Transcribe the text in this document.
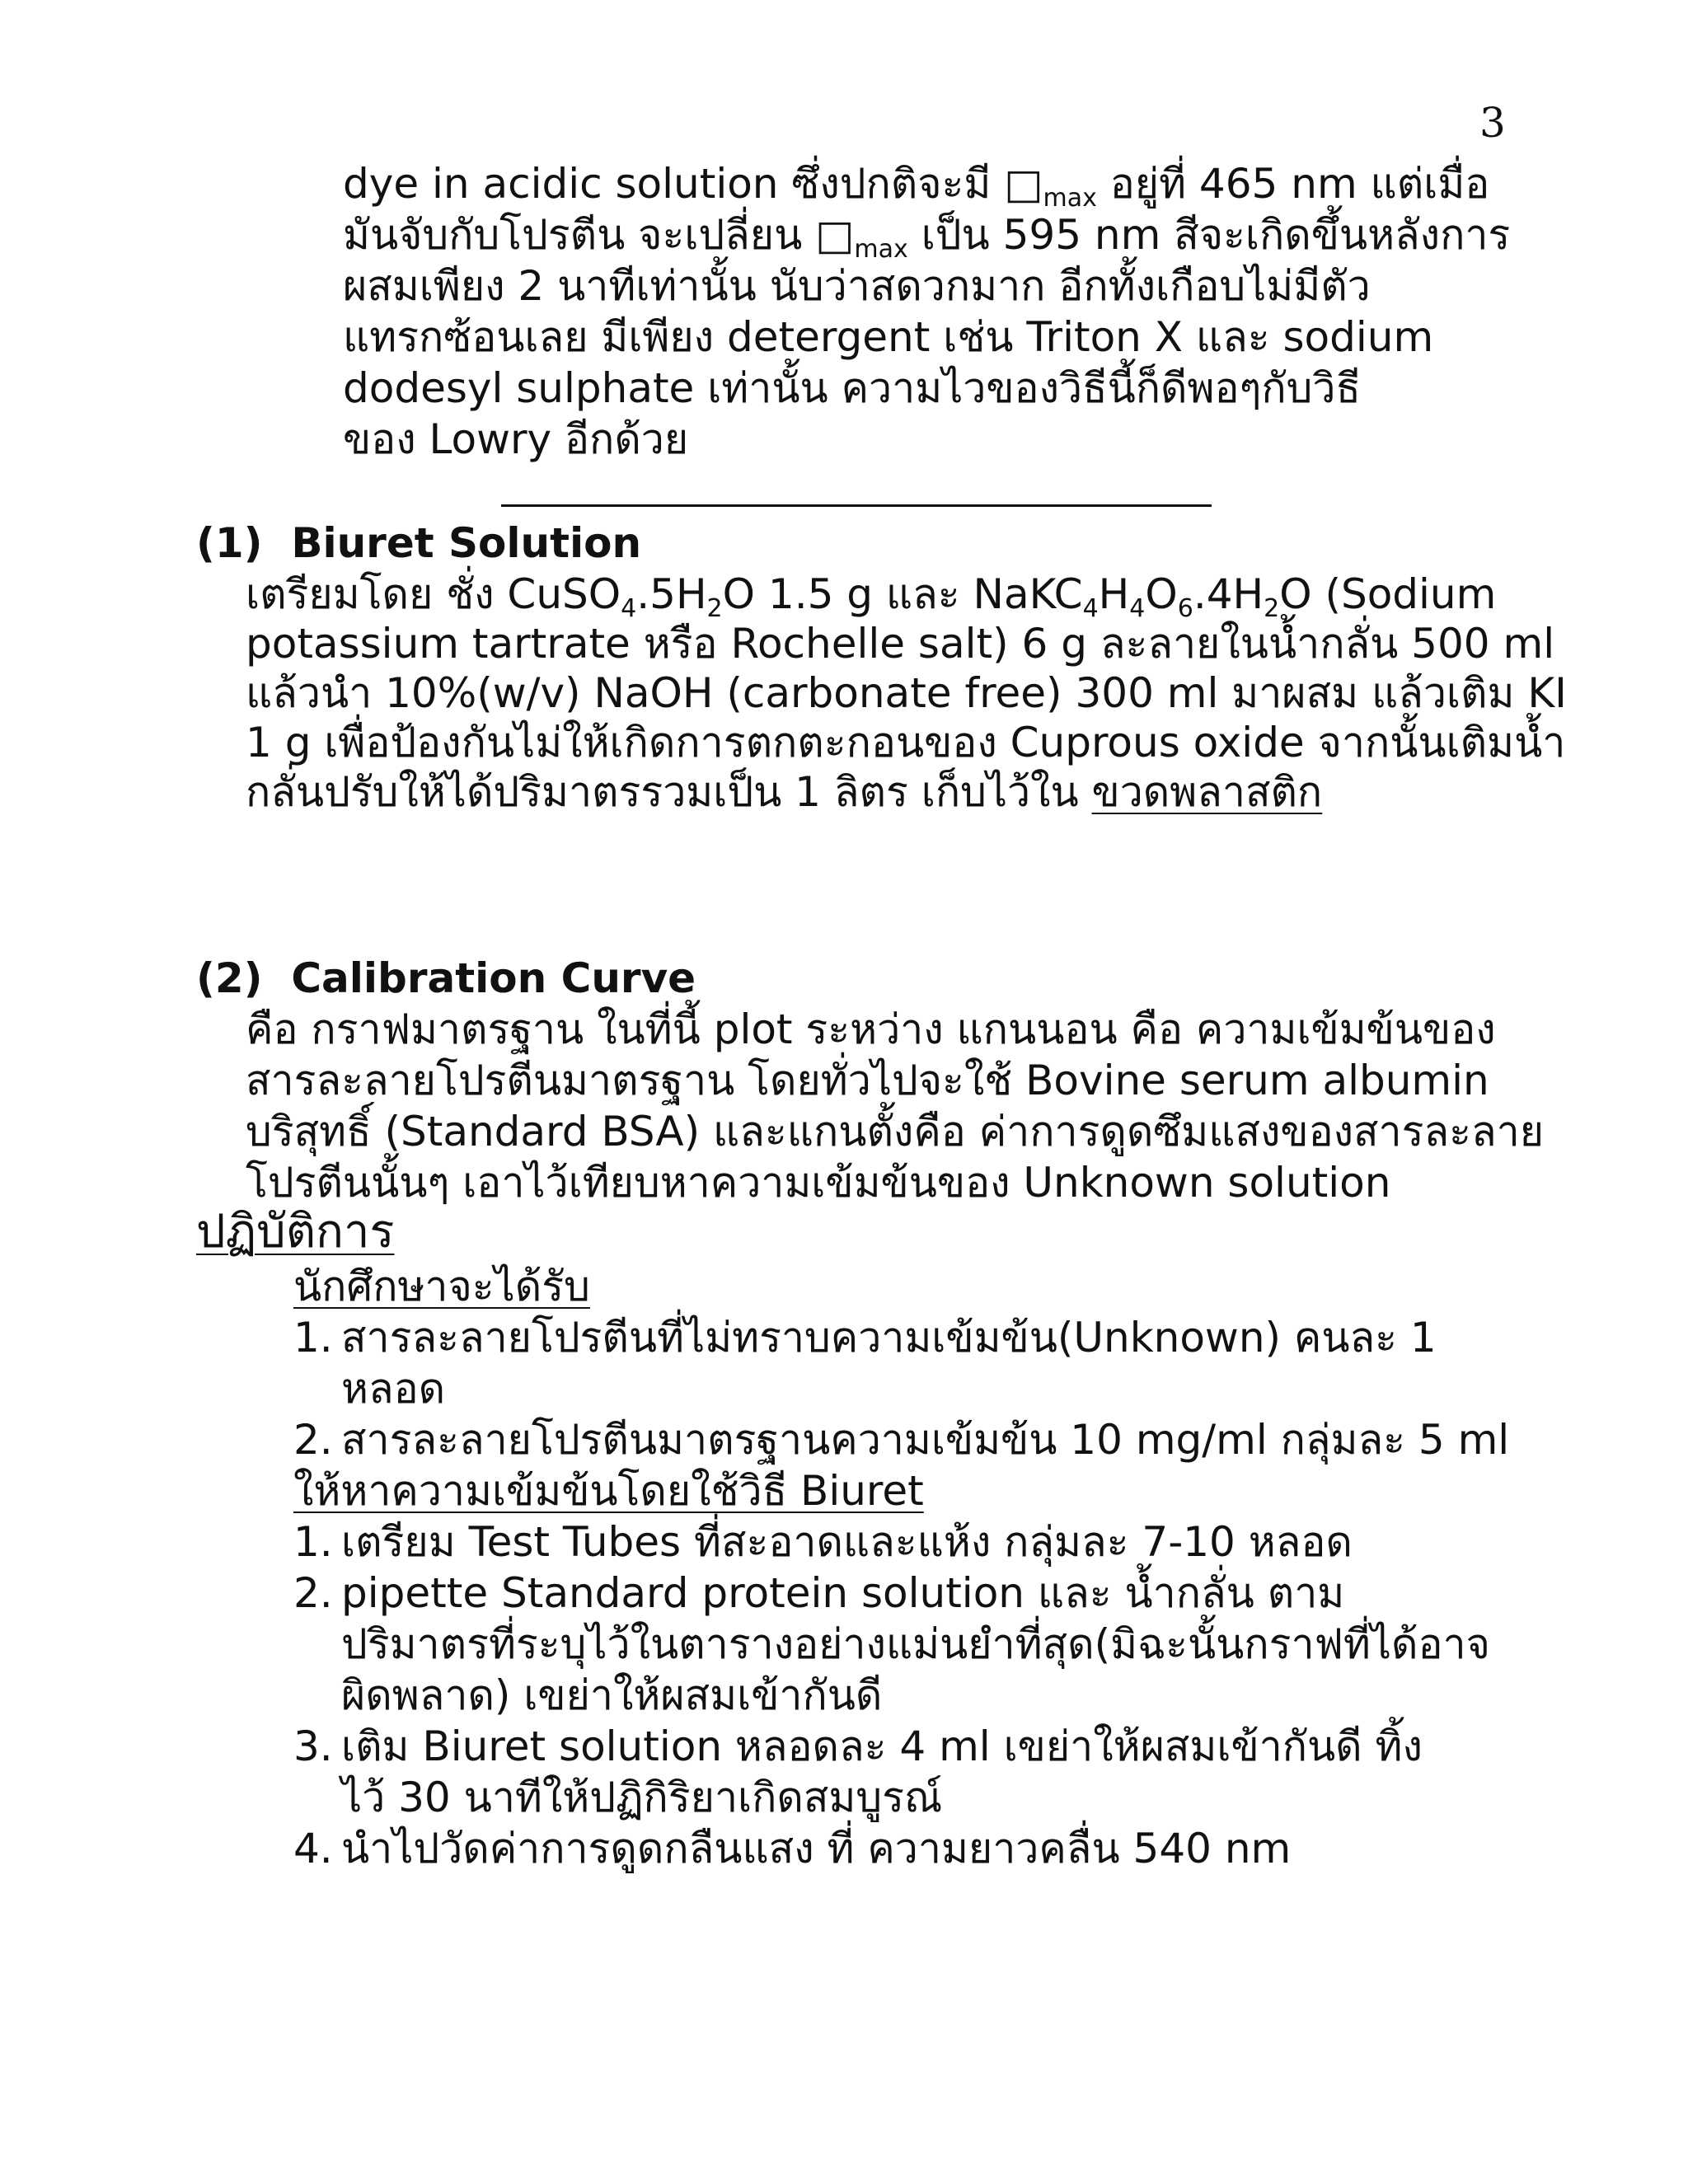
3
dye in acidic solution ซึ่งปกติจะมี $□_{max}$ อยู่ที่ 465 nm แต่เมื่อ
มันจับกับโปรตีน จะเปลี่ยน $□_{max}$ เป็น 595 nm สีจะเกิดขึ้นหลังการ
ผสมเพียง 2 นาทีเท่านั้น นับว่าสดวกมาก อีกทั้งเกือบไม่มีตัว
แทรกซ้อนเลย มีเพียง detergent เช่น Triton X และ sodium
dodesyl sulphate เท่านั้น ความไวของวิธีนี้ก็ดีพอๆกับวิธี
ของ Lowry อีกด้วย
(1) Biuret Solution
เตรียมโดย ชั่ง $CuSO_4.5H_2O$ 1.5 g และ $NaKC_4H_4O_6.4H_2O$ (Sodium
potassium tartrate หรือ Rochelle salt) 6 g ละลายในน้ำกลั่น 500 ml
แล้วนำ 10%(w/v) NaOH (carbonate free) 300 ml มาผสม แล้วเติม KI
1 g เพื่อป้องกันไม่ให้เกิดการตกตะกอนของ Cuprous oxide จากนั้นเติมน้ำ
กลั่นปรับให้ได้ปริมาตรรวมเป็น 1 ลิตร เก็บไว้ใน ขวดพลาสติก
(2) Calibration Curve
คือ กราฟมาตรฐาน ในที่นี้ plot ระหว่าง แกนนอน คือ ความเข้มข้นของ
สารละลายโปรตีนมาตรฐาน โดยทั่วไปจะใช้ Bovine serum albumin
บริสุทธิ์ (Standard BSA) และแกนตั้งคือ ค่าการดูดซึมแสงของสารละลาย
โปรตีนนั้นๆ เอาไว้เทียบหาความเข้มข้นของ Unknown solution
ปฏิบัติการ
นักศึกษาจะได้รับ
1. สารละลายโปรตีนที่ไม่ทราบความเข้มข้น(Unknown) คนละ 1
หลอด
2. สารละลายโปรตีนมาตรฐานความเข้มข้น 10 mg/ml กลุ่มละ 5 ml
ให้หาความเข้มข้นโดยใช้วิธี Biuret
1. เตรียม Test Tubes ที่สะอาดและแห้ง กลุ่มละ 7-10 หลอด
2. pipette Standard protein solution และ น้ำกลั่น ตาม
ปริมาตรที่ระบุไว้ในตารางอย่างแม่นยำที่สุด(มิฉะนั้นกราฟที่ได้อาจ
ผิดพลาด) เขย่าให้ผสมเข้ากันดี
3. เติม Biuret solution หลอดละ 4 ml เขย่าให้ผสมเข้ากันดี ทิ้ง
ไว้ 30 นาทีให้ปฏิกิริยาเกิดสมบูรณ์
4. นำไปวัดค่าการดูดกลืนแสง ที่ ความยาวคลื่น 540 nm
